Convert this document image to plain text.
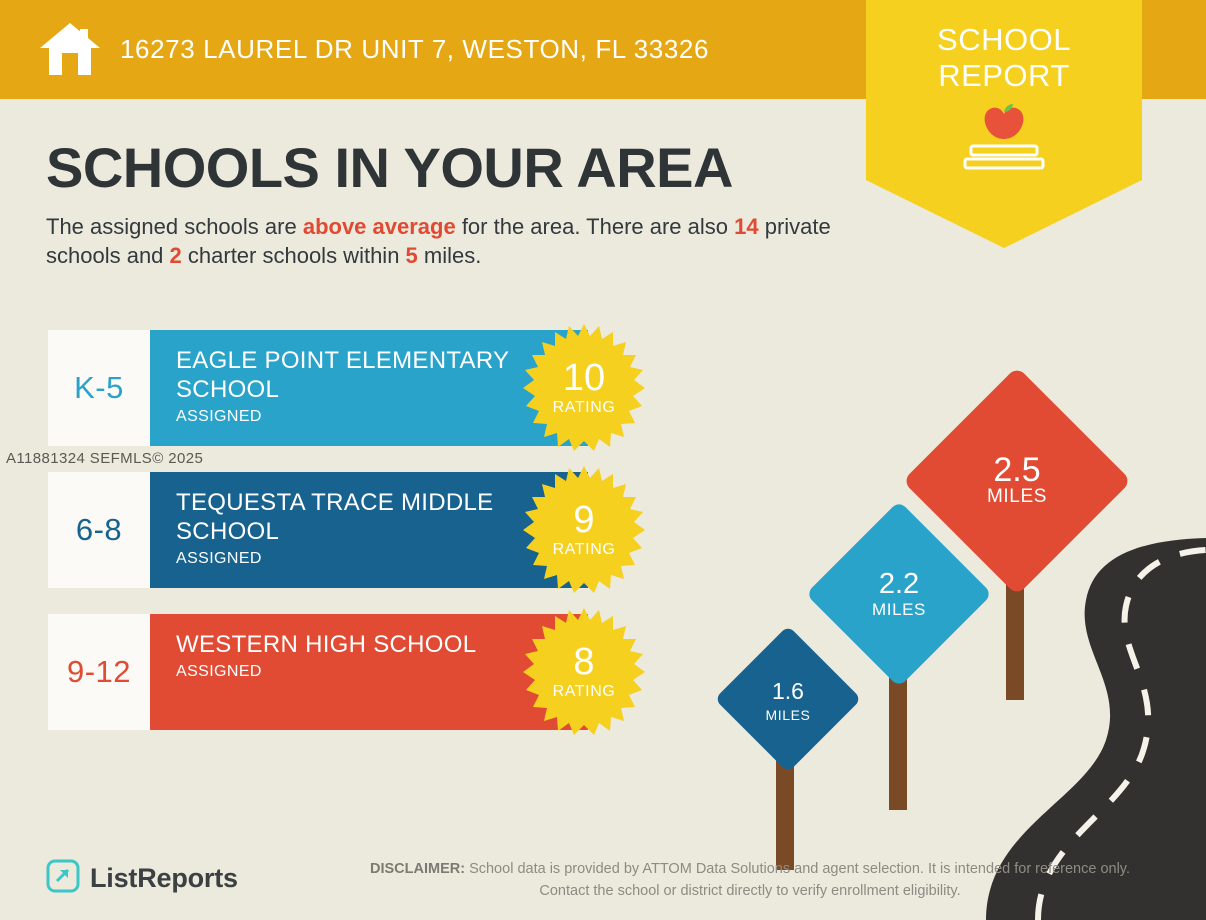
16273 LAUREL DR UNIT 7, WESTON, FL 33326	SCHOOL
REPORT
SCHOOLS IN YOUR AREA
The assigned schools are above average for the area. There are also 14 private schools and 2 charter schools within 5 miles.
K-5
EAGLE POINT ELEMENTARY SCHOOL
ASSIGNED
10
RATING
6-8
TEQUESTA TRACE MIDDLE SCHOOL
ASSIGNED
9
RATING
9-12
WESTERN HIGH SCHOOL
ASSIGNED	8
RATING
A11881324 SEFMLS© 2025	2.5
MILES
2.2
MILES
1.6
MILES
ListReports	DISCLAIMER: School data is provided by ATTOM Data Solutions and agent selection. It is intended for reference only. Contact the school or district directly to verify enrollment eligibility.
